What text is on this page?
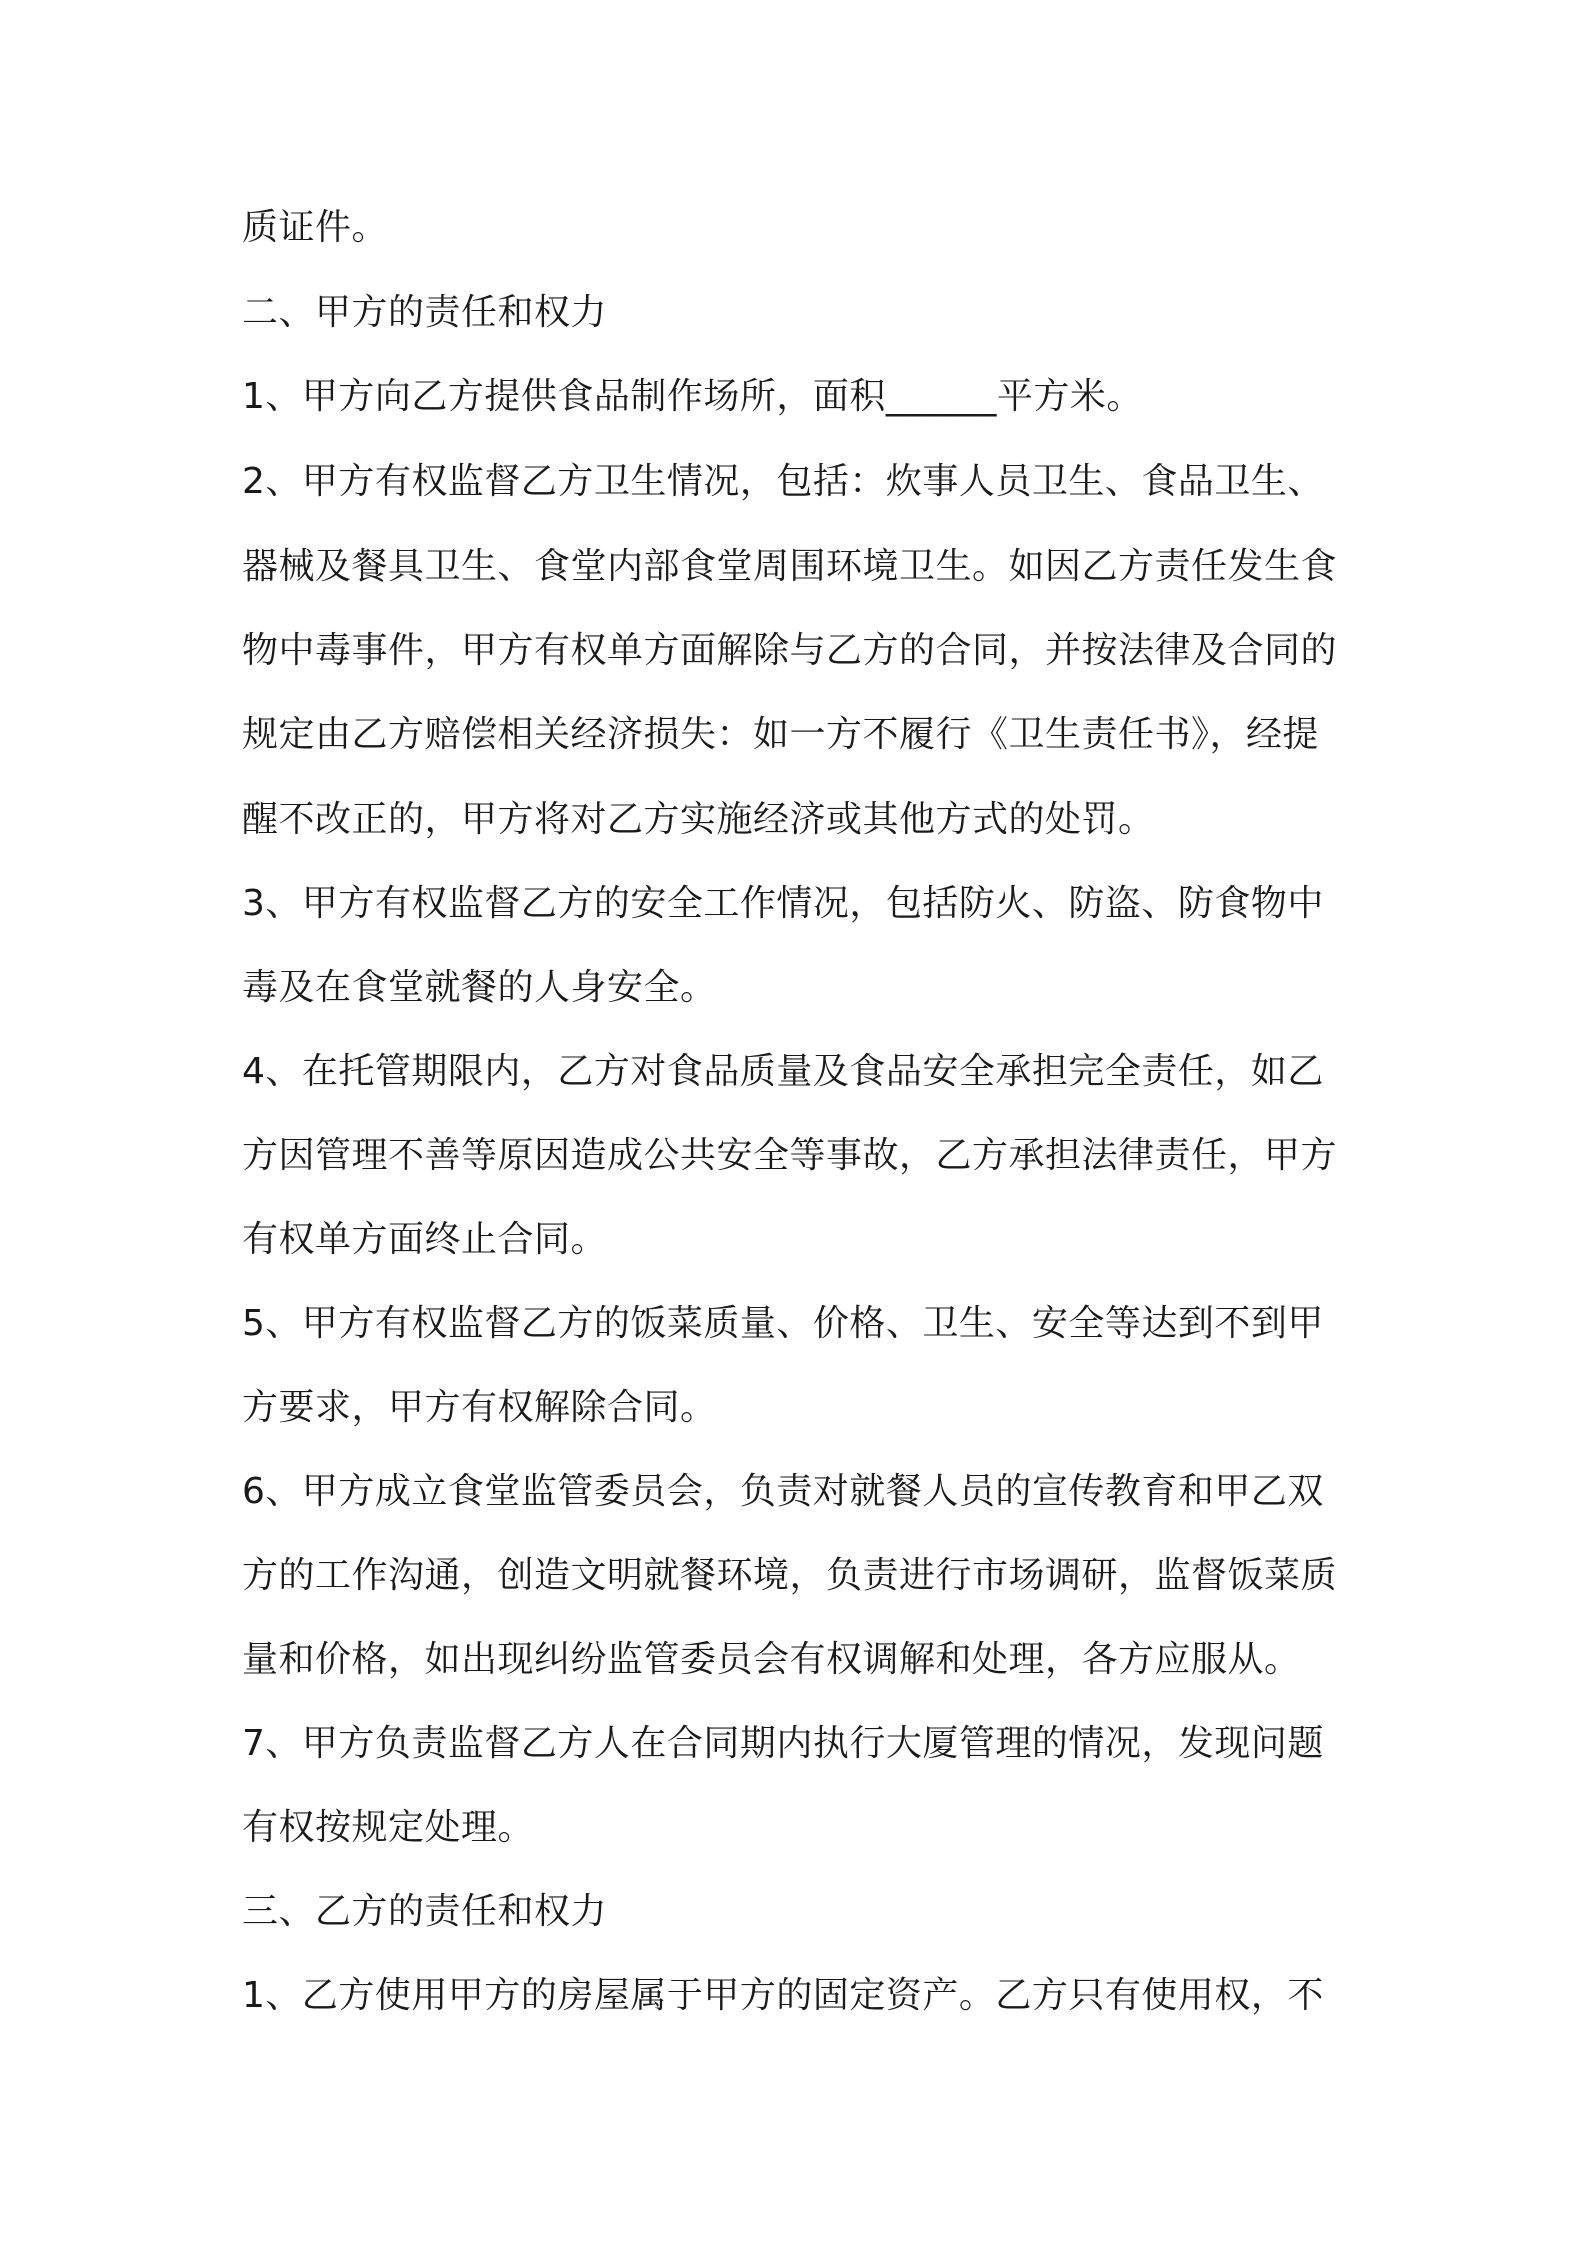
质证件。
二、甲方的责任和权力
1、甲方向乙方提供食品制作场所，面积______平方米。
2、甲方有权监督乙方卫生情况，包括：炊事人员卫生、食品卫生、
器械及餐具卫生、食堂内部食堂周围环境卫生。如因乙方责任发生食
物中毒事件，甲方有权单方面解除与乙方的合同，并按法律及合同的
规定由乙方赔偿相关经济损失：如一方不履行《卫生责任书》，经提
醒不改正的，甲方将对乙方实施经济或其他方式的处罚。
3、甲方有权监督乙方的安全工作情况，包括防火、防盗、防食物中
毒及在食堂就餐的人身安全。
4、在托管期限内，乙方对食品质量及食品安全承担完全责任，如乙
方因管理不善等原因造成公共安全等事故，乙方承担法律责任，甲方
有权单方面终止合同。
5、甲方有权监督乙方的饭菜质量、价格、卫生、安全等达到不到甲
方要求，甲方有权解除合同。
6、甲方成立食堂监管委员会，负责对就餐人员的宣传教育和甲乙双
方的工作沟通，创造文明就餐环境，负责进行市场调研，监督饭菜质
量和价格，如出现纠纷监管委员会有权调解和处理，各方应服从。
7、甲方负责监督乙方人在合同期内执行大厦管理的情况，发现问题
有权按规定处理。
三、乙方的责任和权力
1、乙方使用甲方的房屋属于甲方的固定资产。乙方只有使用权，不
